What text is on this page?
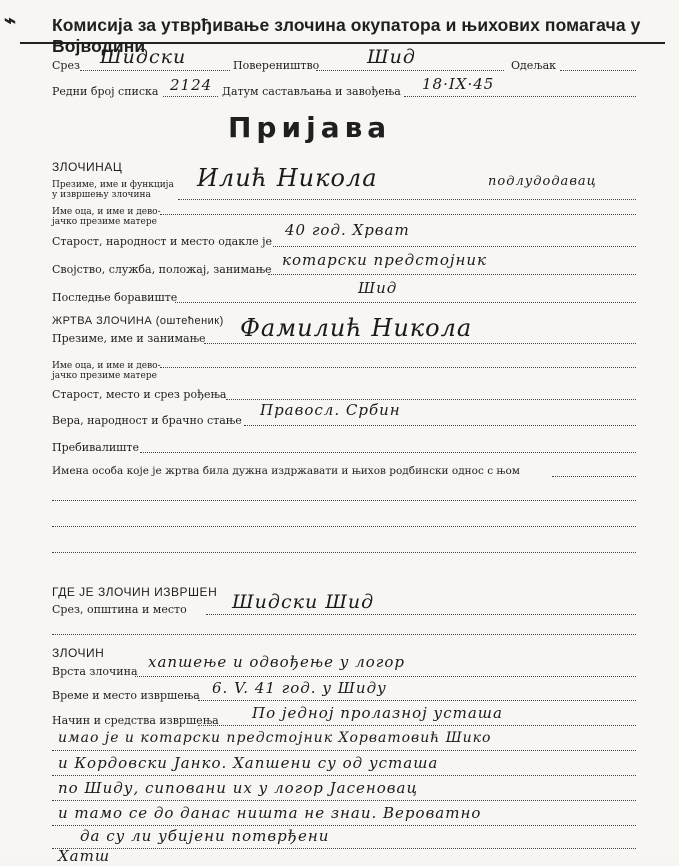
⌁ Комисија за утврђивање злочина окупатора и њихових помагача у Војводини
Срез Шидски	Повереништво	Шид	Одељак
Редни број списка 2124 Датум састављања и завођења 18·IX·45
Пријава
ЗЛОЧИНАЦ
Презиме, име и функција
у извршењу злочина
Илић Никола	подлудодавац
Име оца, и име и дево-
јачко презиме матере
Старост, народност и место одакле је
40 год. Хрват
Својство, служба, положај, занимање
котарски предстојник
Последње боравиште
Шид
ЖРТВА ЗЛОЧИНА (оштећеник)
Презиме, име и занимање Фамилић Никола
Име оца, и име и дево-
јачко презиме матере
Старост, место и срез рођења
Вера, народност и брачно стање
Правосл. Србин
Пребивалиште
Имена особа које је жртва била дужна издржавати и њихов родбински однос с њом
ГДЕ ЈЕ ЗЛОЧИН ИЗВРШЕН
Срез, општина и место Шидски Шид
ЗЛОЧИН
Врста злочина
хапшење и одвођење у логор
Време и место извршења 6. V. 41 год. у Шиду
Начин и средства извршења По једној пролазној усташа
имао је и котарски предстојник Хорватовић Шико
и Кордовски Јанко. Хапшени су од усташа
по Шиду, сиповани их у логор Јасеновац
и тамо се до данас ништа не знаи. Вероватно
да су ли убијени потврђени
Хатш
